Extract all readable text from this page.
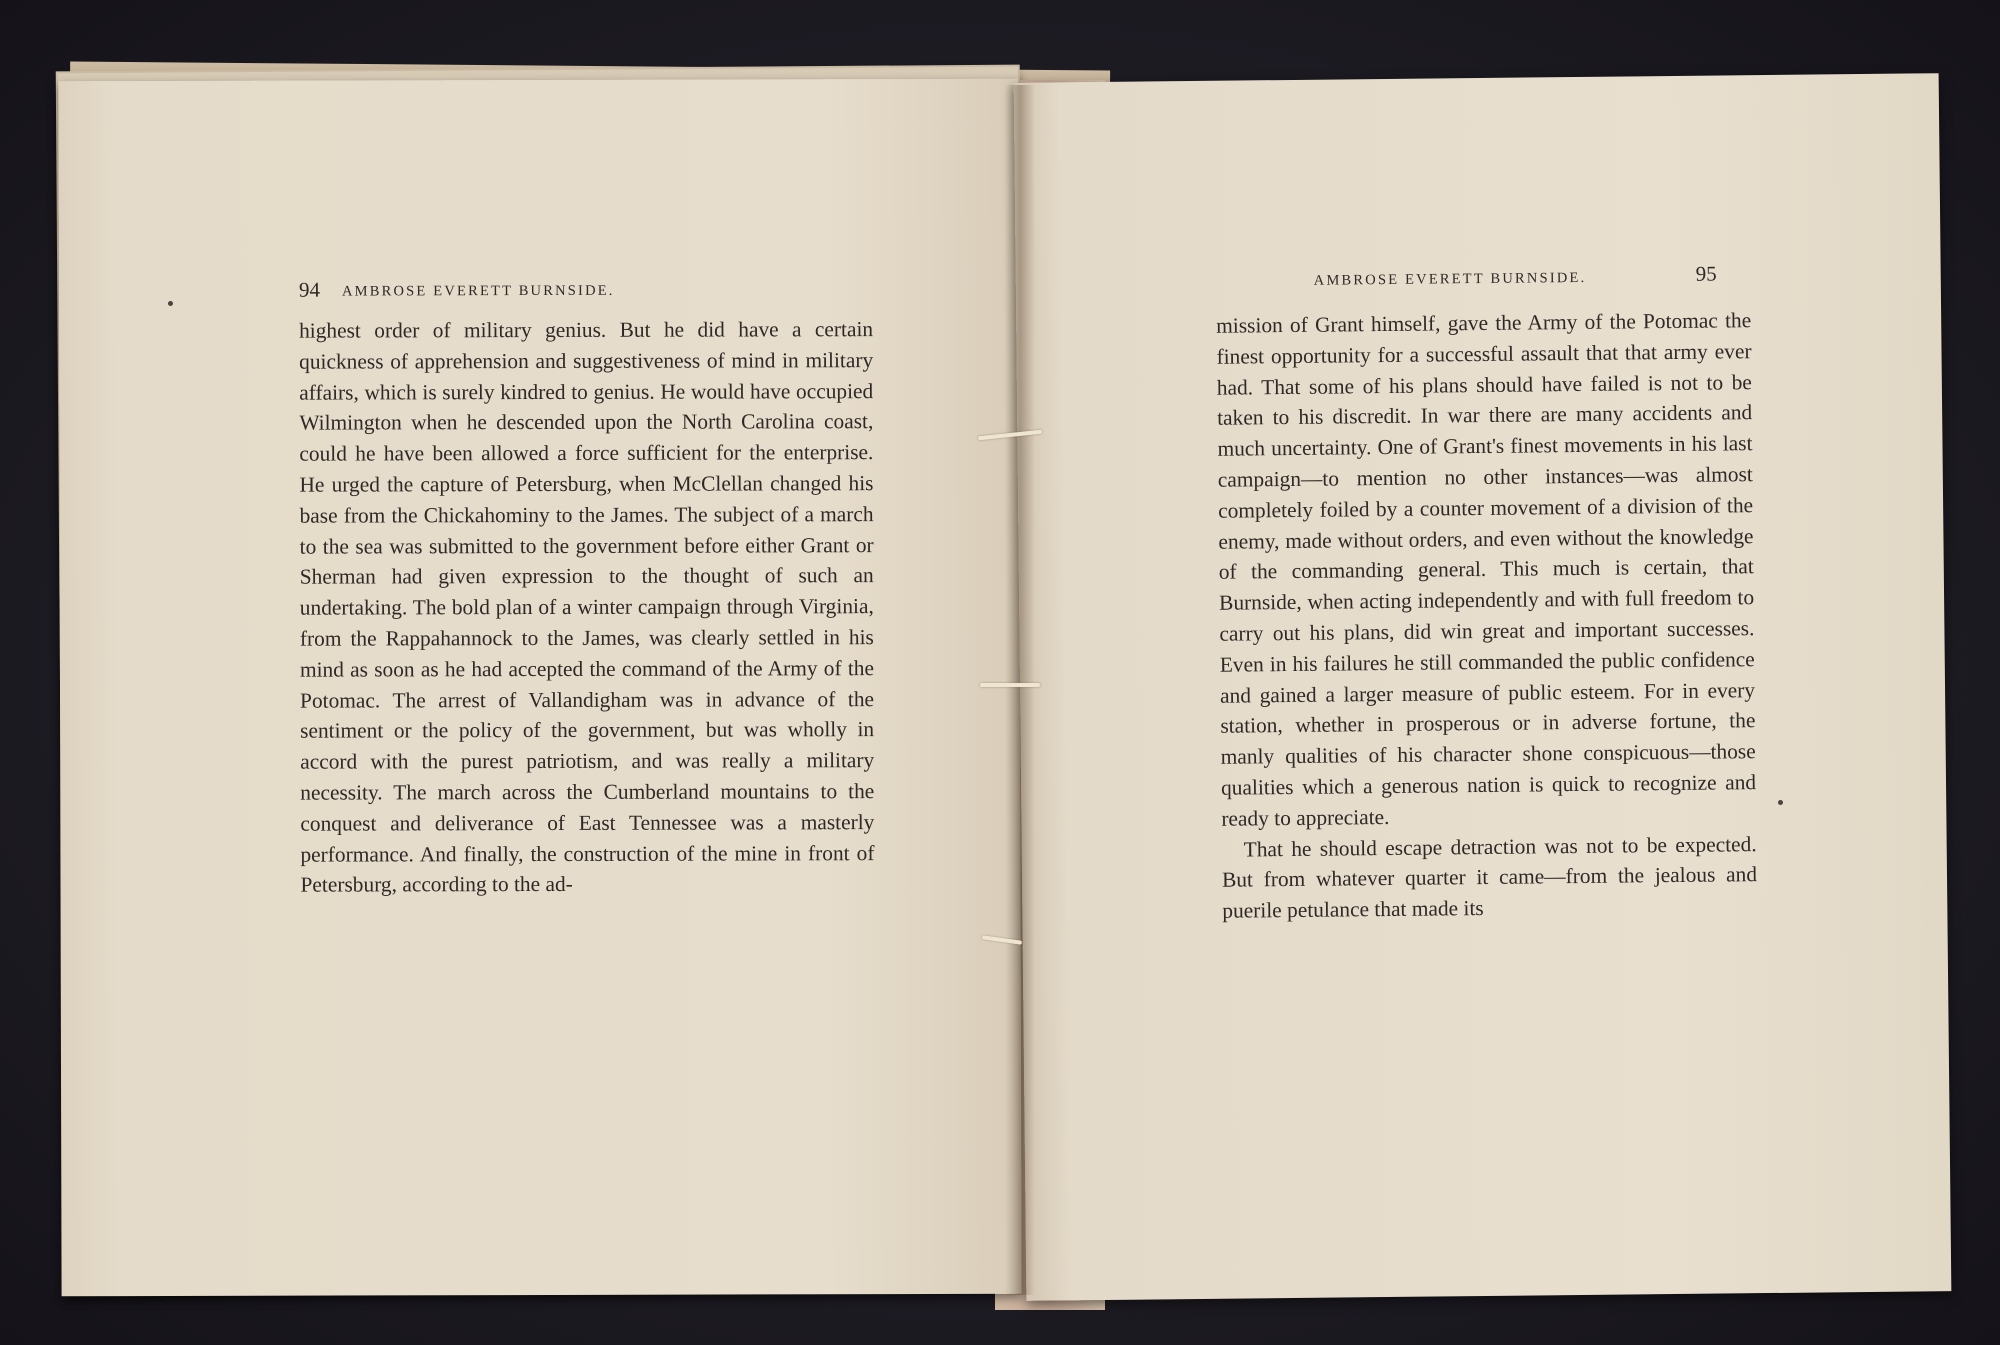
94 AMBROSE EVERETT BURNSIDE.

highest order of military genius. But he did have a certain quickness of apprehension and suggestiveness of mind in military affairs, which is surely kindred to genius. He would have occupied Wilmington when he descended upon the North Carolina coast, could he have been allowed a force sufficient for the enterprise. He urged the capture of Petersburg, when McClellan changed his base from the Chickahominy to the James. The subject of a march to the sea was submitted to the government before either Grant or Sherman had given expression to the thought of such an undertaking. The bold plan of a winter campaign through Virginia, from the Rappahannock to the James, was clearly settled in his mind as soon as he had accepted the command of the Army of the Potomac. The arrest of Vallandigham was in advance of the sentiment or the policy of the government, but was wholly in accord with the purest patriotism, and was really a military necessity. The march across the Cumberland mountains to the conquest and deliverance of East Tennessee was a masterly performance. And finally, the construction of the mine in front of Petersburg, according to the ad-

AMBROSE EVERETT BURNSIDE.	95

mission of Grant himself, gave the Army of the Potomac the finest opportunity for a successful assault that that army ever had. That some of his plans should have failed is not to be taken to his discredit. In war there are many accidents and much uncertainty. One of Grant's finest movements in his last campaign—to mention no other instances—was almost completely foiled by a counter movement of a division of the enemy, made without orders, and even without the knowledge of the commanding general. This much is certain, that Burnside, when acting independently and with full freedom to carry out his plans, did win great and important successes. Even in his failures he still commanded the public confidence and gained a larger measure of public esteem. For in every station, whether in prosperous or in adverse fortune, the manly qualities of his character shone conspicuous—those qualities which a generous nation is quick to recognize and ready to appreciate.

That he should escape detraction was not to be expected. But from whatever quarter it came—from the jealous and puerile petulance that made its
